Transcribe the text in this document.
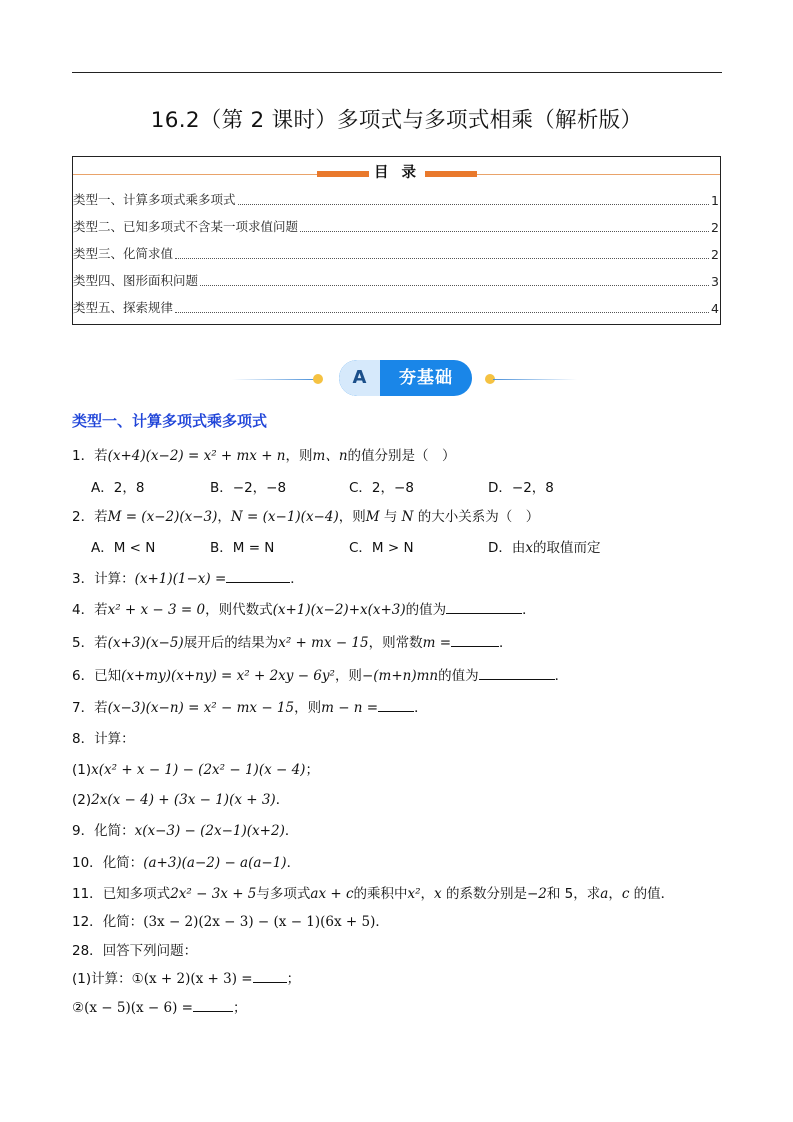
16.2（第 2 课时）多项式与多项式相乘（解析版）
目 录
类型一、计算多项式乘多项式	1
类型二、已知多项式不含某一项求值问题	2
类型三、化简求值	2
类型四、图形面积问题	3
类型五、探索规律	4
A	夯基础
类型一、计算多项式乘多项式
1．若(x+4)(x−2) = x² + mx + n，则m、n的值分别是（　）
A．2，8	B．−2，−8	C．2，−8	D．−2，8
2．若M = (x−2)(x−3)，N = (x−1)(x−4)，则M 与 N 的大小关系为（　）
A．M < N	B．M = N	C．M > N	D．由x的取值而定
3．计算：(x+1)(1−x) =	．
4．若x² + x − 3 = 0，则代数式(x+1)(x−2)+x(x+3)的值为	．
5．若(x+3)(x−5)展开后的结果为x² + mx − 15，则常数m =	．
6．已知(x+my)(x+ny) = x² + 2xy − 6y²，则−(m+n)mn的值为	．
7．若(x−3)(x−n) = x² − mx − 15，则m − n =	．
8．计算：
(1)x(x² + x − 1) − (2x² − 1)(x − 4)；
(2)2x(x − 4) + (3x − 1)(x + 3)．
9．化简：x(x−3) − (2x−1)(x+2)．
10．化简：(a+3)(a−2) − a(a−1)．
11．已知多项式2x² − 3x + 5与多项式ax + c的乘积中x²，x 的系数分别是−2和 5，求a，c 的值．
12．化简：(3x − 2)(2x − 3) − (x − 1)(6x + 5)．
28．回答下列问题：
(1)计算：①(x + 2)(x + 3) =	；
②(x − 5)(x − 6) =	；
